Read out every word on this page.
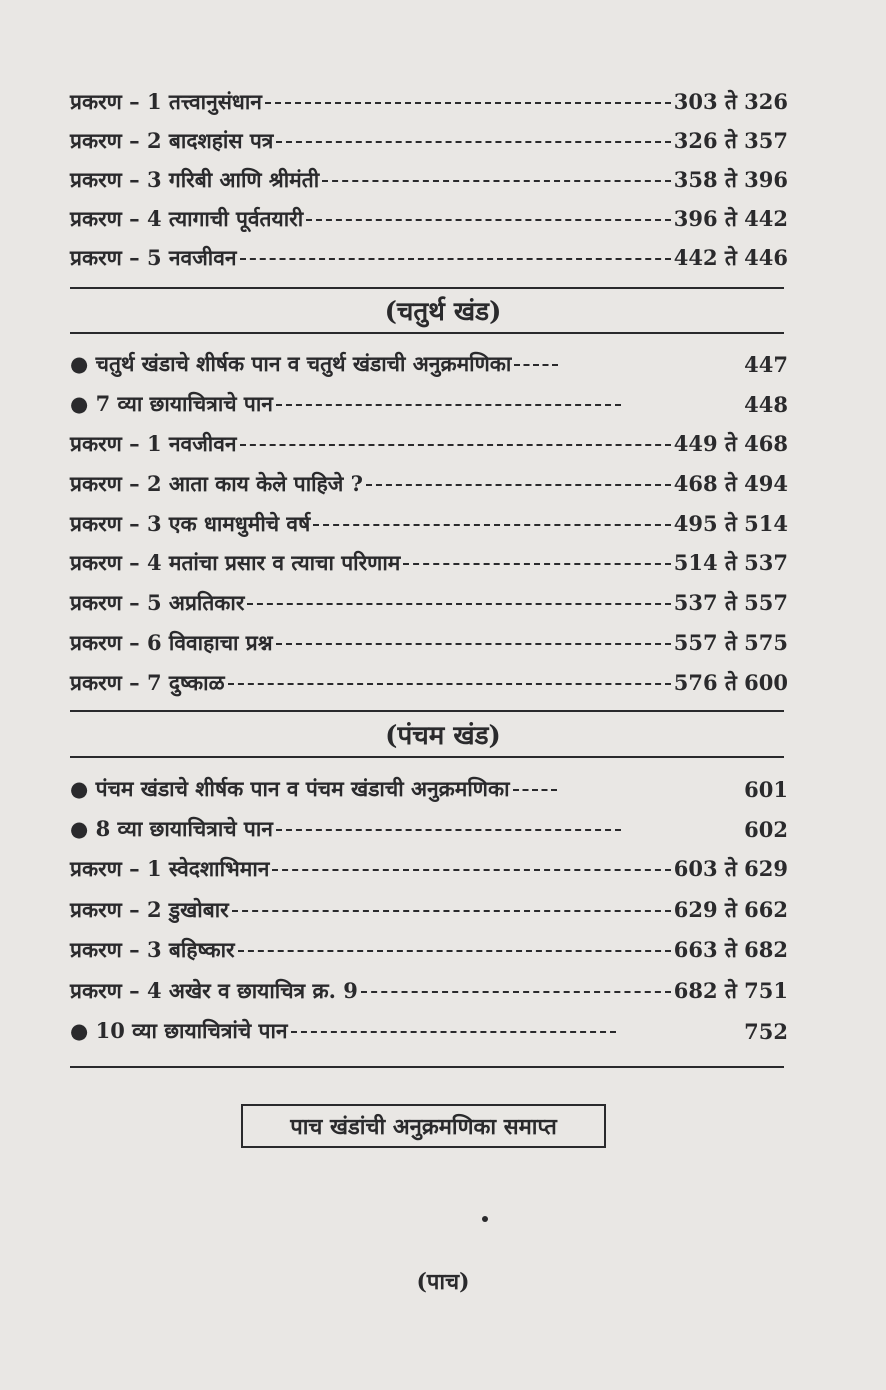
प्रकरण – 1 तत्त्वानुसंधान	303 ते 326
प्रकरण – 2 बादशहांस पत्र	326 ते 357
प्रकरण – 3 गरिबी आणि श्रीमंती	358 ते 396
प्रकरण – 4 त्यागाची पूर्वतयारी	396 ते 442
प्रकरण – 5 नवजीवन	442 ते 446
(चतुर्थ खंड)
● चतुर्थ खंडाचे शीर्षक पान व चतुर्थ खंडाची अनुक्रमणिका	447
● 7 व्या छायाचित्राचे पान	448
प्रकरण – 1 नवजीवन	449 ते 468
प्रकरण – 2 आता काय केले पाहिजे ?	468 ते 494
प्रकरण – 3 एक धामधुमीचे वर्ष	495 ते 514
प्रकरण – 4 मतांचा प्रसार व त्याचा परिणाम	514 ते 537
प्रकरण – 5 अप्रतिकार	537 ते 557
प्रकरण – 6 विवाहाचा प्रश्न	557 ते 575
प्रकरण – 7 दुष्काळ	576 ते 600
(पंचम खंड)
● पंचम खंडाचे शीर्षक पान व पंचम खंडाची अनुक्रमणिका	601
● 8 व्या छायाचित्राचे पान	602
प्रकरण – 1 स्वेदशाभिमान	603 ते 629
प्रकरण – 2 डुखोबार	629 ते 662
प्रकरण – 3 बहिष्कार	663 ते 682
प्रकरण – 4 अखेर व छायाचित्र क्र. 9	682 ते 751
● 10 व्या छायाचित्रांचे पान	752
पाच खंडांची अनुक्रमणिका समाप्त
(पाच)
